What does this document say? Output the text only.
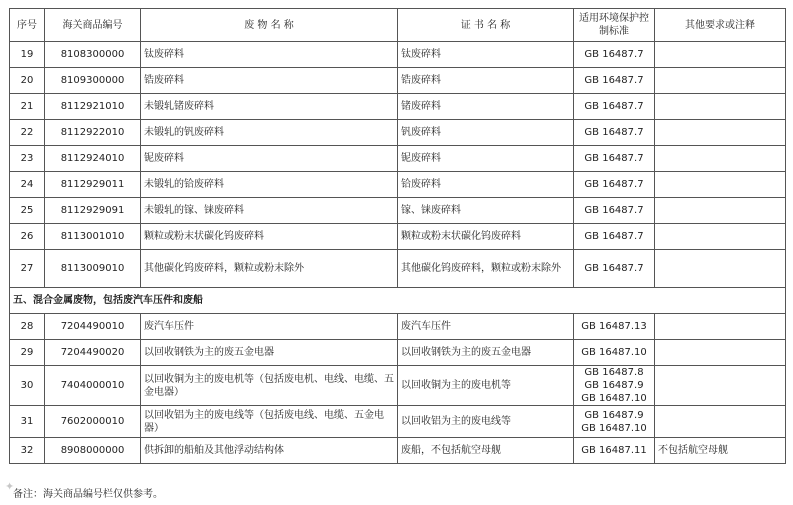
序号	海关商品编号	废 物 名 称	证 书 名 称	适用环境保护控制标准	其他要求或注释
19	8108300000	钛废碎料	钛废碎料	GB 16487.7	

20	8109300000	锆废碎料	锆废碎料	GB 16487.7	

21	8112921010	未锻轧锗废碎料	锗废碎料	GB 16487.7	

22	8112922010	未锻轧的钒废碎料	钒废碎料	GB 16487.7	

23	8112924010	铌废碎料	铌废碎料	GB 16487.7	

24	8112929011	未锻轧的铪废碎料	铪废碎料	GB 16487.7	

25	8112929091	未锻轧的镓、铼废碎料	镓、铼废碎料	GB 16487.7	

26	8113001010	颗粒或粉末状碳化钨废碎料	颗粒或粉末状碳化钨废碎料	GB 16487.7	

27	8113009010	其他碳化钨废碎料，颗粒或粉末除外	其他碳化钨废碎料，颗粒或粉末除外	GB 16487.7	

五、混合金属废物，包括废汽车压件和废船					
28	7204490010	废汽车压件	废汽车压件	GB 16487.13	

29	7204490020	以回收钢铁为主的废五金电器	以回收钢铁为主的废五金电器	GB 16487.10	

30	7404000010	以回收铜为主的废电机等（包括废电机、电线、电缆、五金电器）	以回收铜为主的废电机等	GB 16487.8
GB 16487.9
GB 16487.10	

31	7602000010	以回收铝为主的废电线等（包括废电线、电缆、五金电器）	以回收铝为主的废电线等	GB 16487.9
GB 16487.10	

32	8908000000	供拆卸的船舶及其他浮动结构体	废船，不包括航空母舰	GB 16487.11	不包括航空母舰
✦
备注：海关商品编号栏仅供参考。
